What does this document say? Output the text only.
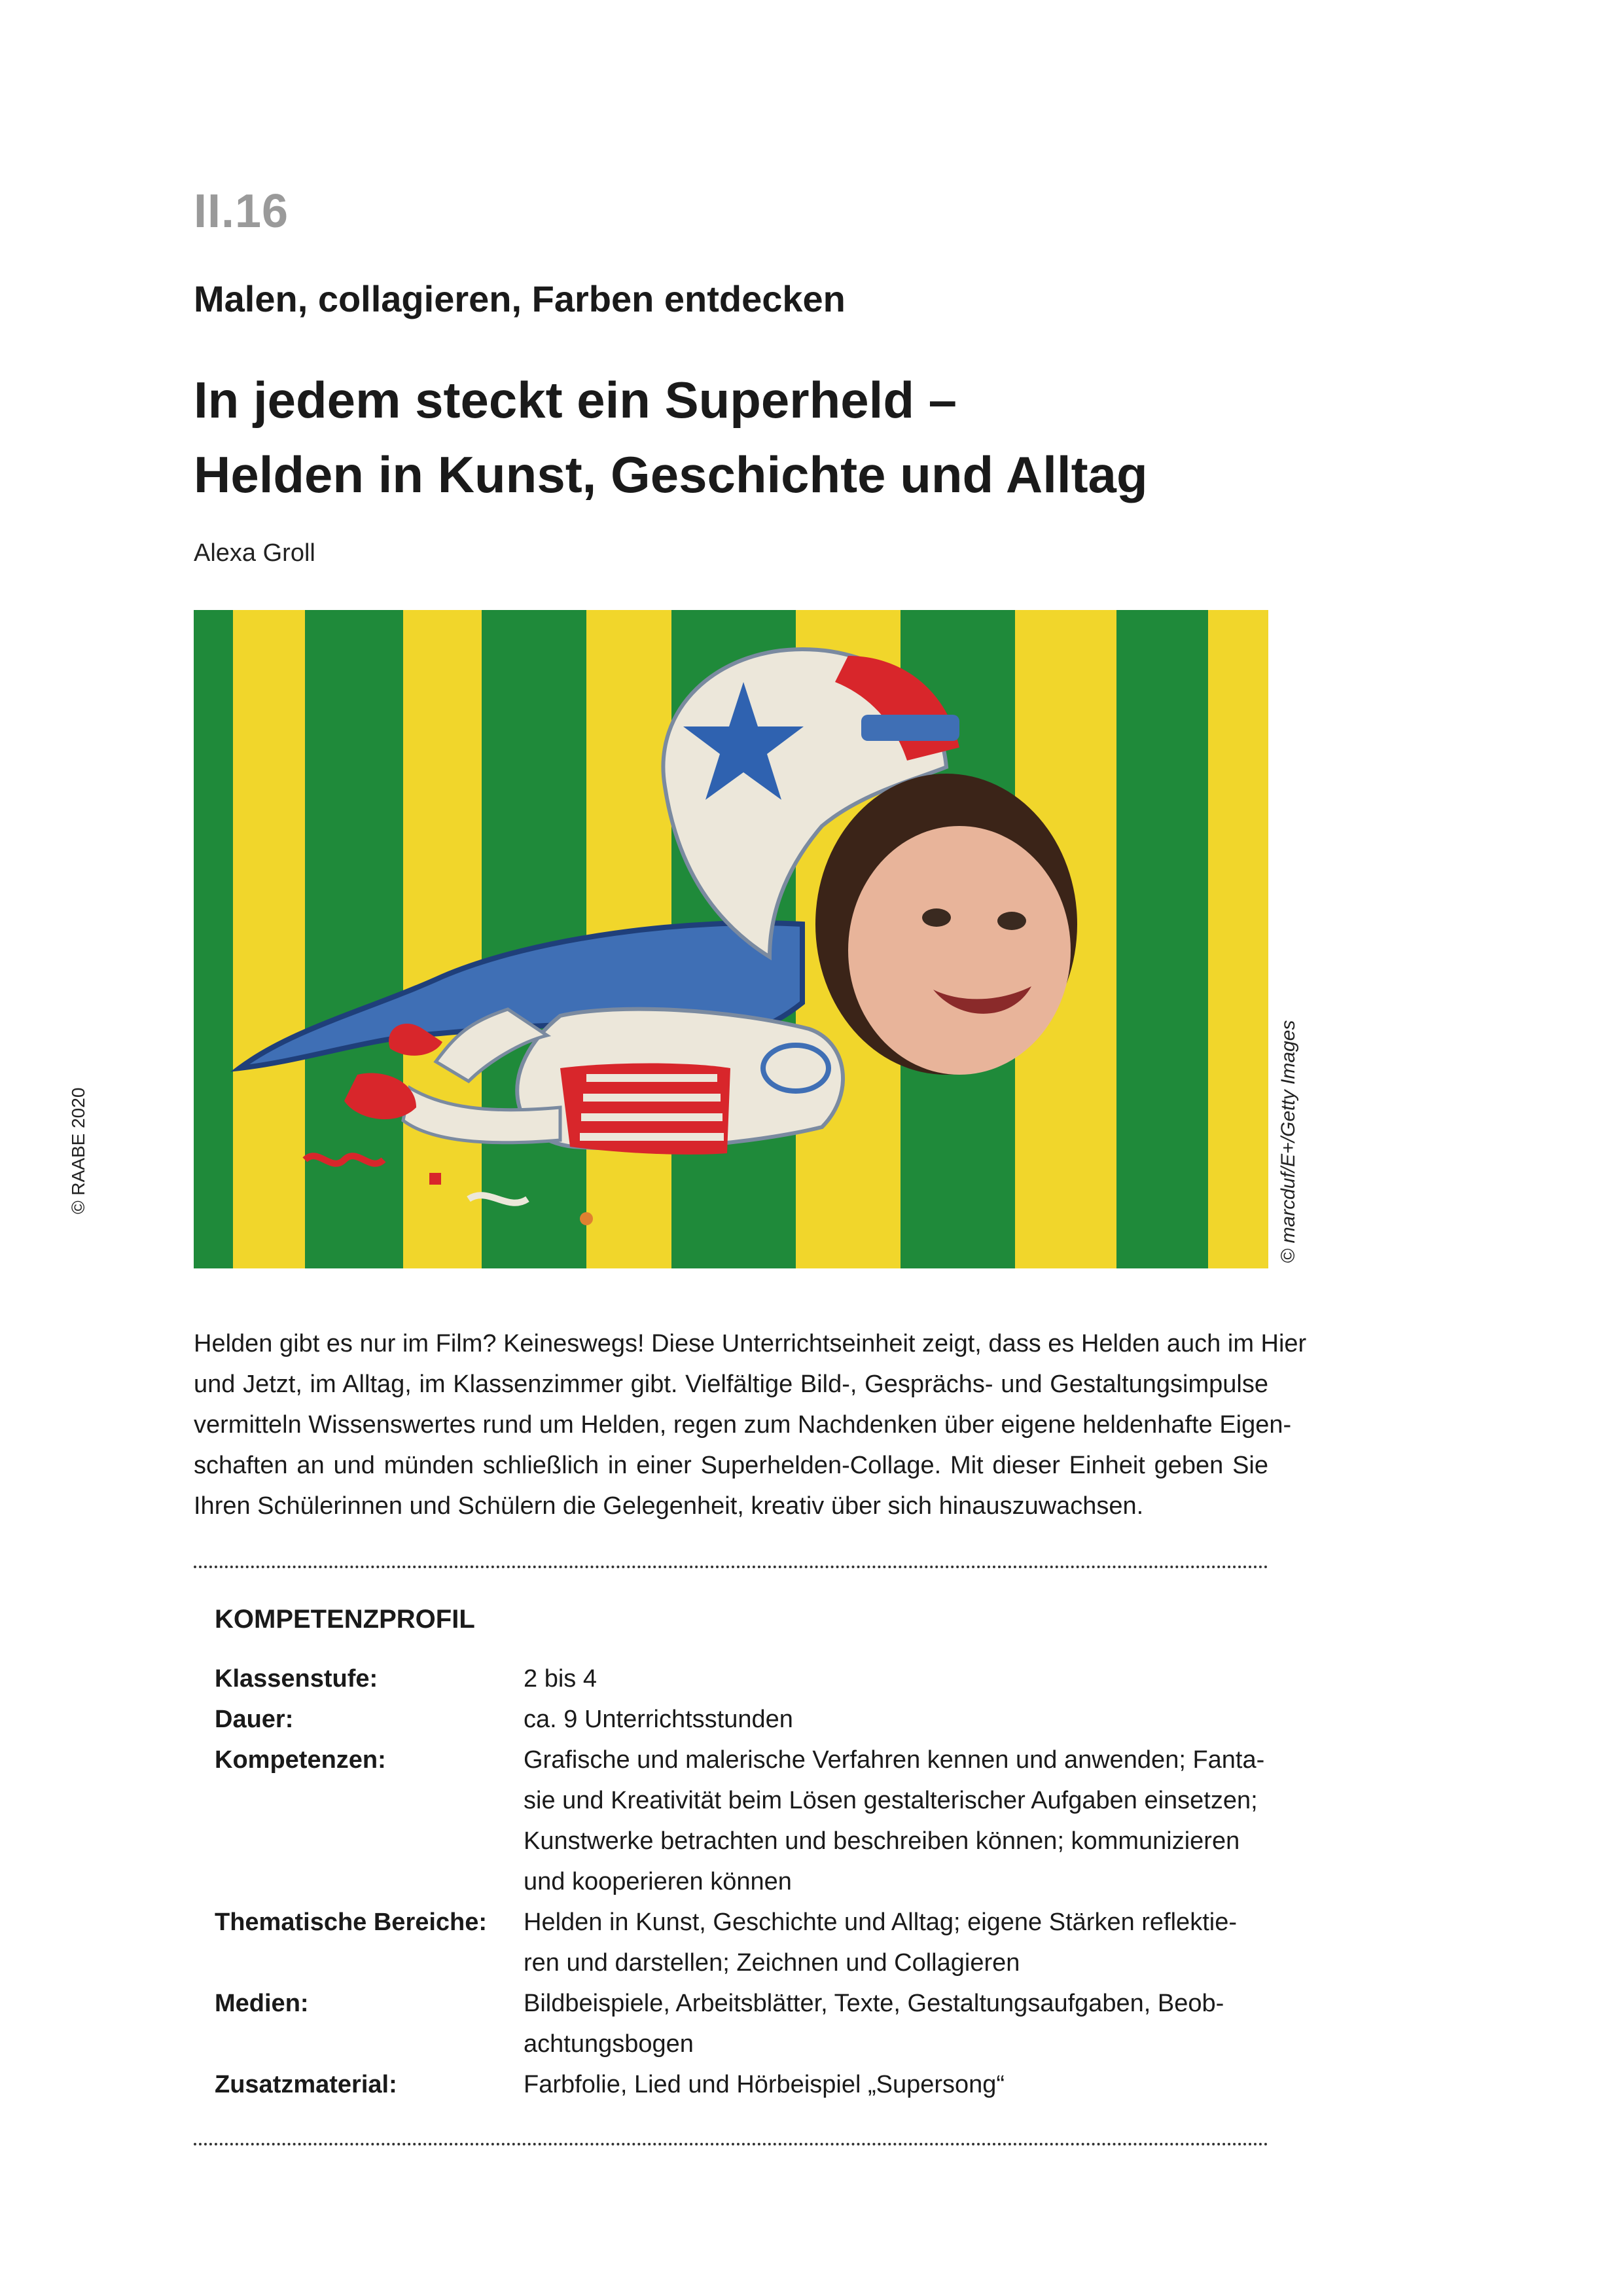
II.16
Malen, collagieren, Farben entdecken
In jedem steckt ein Superheld –
Helden in Kunst, Geschichte und Alltag
Alexa Groll
© marcduf/E+/Getty Images
© RAABE 2020
Helden gibt es nur im Film? Keineswegs! Diese Unterrichtseinheit zeigt, dass es Helden auch im Hier
und Jetzt, im Alltag, im Klassenzimmer gibt. Vielfältige Bild-, Gesprächs- und Gestaltungsimpulse
vermitteln Wissenswertes rund um Helden, regen zum Nachdenken über eigene heldenhafte Eigen-
schaften an und münden schließlich in einer Superhelden-Collage. Mit dieser Einheit geben Sie
Ihren Schülerinnen und Schülern die Gelegenheit, kreativ über sich hinauszuwachsen.
KOMPETENZPROFIL
Klassenstufe:	2 bis 4
Dauer:	ca. 9 Unterrichtsstunden
Kompetenzen:	Grafische und malerische Verfahren kennen und anwenden; Fanta-
sie und Kreativität beim Lösen gestalterischer Aufgaben einsetzen;
Kunstwerke betrachten und beschreiben können; kommunizieren
und kooperieren können
Thematische Bereiche:	Helden in Kunst, Geschichte und Alltag; eigene Stärken reflektie-
ren und darstellen; Zeichnen und Collagieren
Medien:	Bildbeispiele, Arbeitsblätter, Texte, Gestaltungsaufgaben, Beob-
achtungsbogen
Zusatzmaterial:	Farbfolie, Lied und Hörbeispiel „Supersong“
